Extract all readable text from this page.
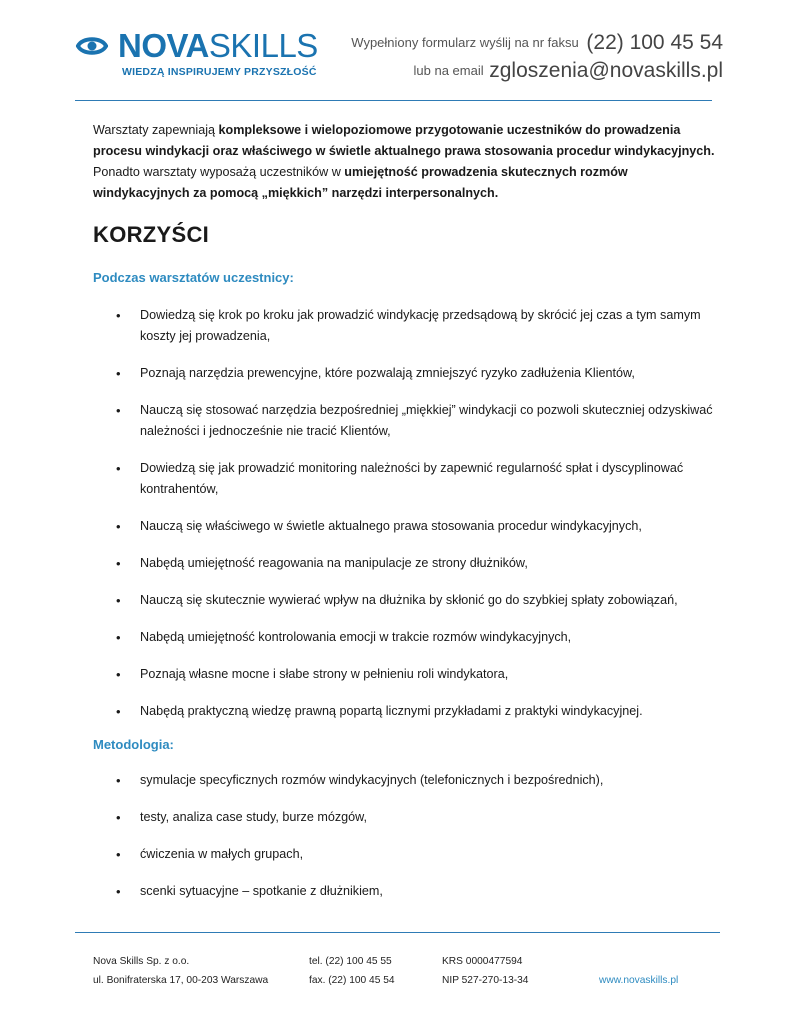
NOVASKILLS
WIEDZĄ INSPIRUJEMY PRZYSZŁOŚĆ
Wypełniony formularz wyślij na nr faksu (22) 100 45 54
lub na email zgloszenia@novaskills.pl
Warsztaty zapewniają kompleksowe i wielopoziomowe przygotowanie uczestników do prowadzenia procesu windykacji oraz właściwego w świetle aktualnego prawa stosowania procedur windykacyjnych. Ponadto warsztaty wyposażą uczestników w umiejętność prowadzenia skutecznych rozmów windykacyjnych za pomocą „miękkich” narzędzi interpersonalnych.
KORZYŚCI
Podczas warsztatów uczestnicy:
• Dowiedzą się krok po kroku jak prowadzić windykację przedsądową by skrócić jej czas a tym samym koszty jej prowadzenia,
• Poznają narzędzia prewencyjne, które pozwalają zmniejszyć ryzyko zadłużenia Klientów,
• Nauczą się stosować narzędzia bezpośredniej „miękkiej” windykacji co pozwoli skuteczniej odzyskiwać należności i jednocześnie nie tracić Klientów,
• Dowiedzą się jak prowadzić monitoring należności by zapewnić regularność spłat i dyscyplinować kontrahentów,
• Nauczą się właściwego w świetle aktualnego prawa stosowania procedur windykacyjnych,
• Nabędą umiejętność reagowania na manipulacje ze strony dłużników,
• Nauczą się skutecznie wywierać wpływ na dłużnika by skłonić go do szybkiej spłaty zobowiązań,
• Nabędą umiejętność kontrolowania emocji w trakcie rozmów windykacyjnych,
• Poznają własne mocne i słabe strony w pełnieniu roli windykatora,
• Nabędą praktyczną wiedzę prawną popartą licznymi przykładami z praktyki windykacyjnej.
Metodologia:
• symulacje specyficznych rozmów windykacyjnych (telefonicznych i bezpośrednich),
• testy, analiza case study, burze mózgów,
• ćwiczenia w małych grupach,
• scenki sytuacyjne – spotkanie z dłużnikiem,
Nova Skills Sp. z o.o.
ul. Bonifraterska 17, 00-203 Warszawa
tel. (22) 100 45 55
fax. (22) 100 45 54
KRS 0000477594
NIP 527-270-13-34	www.novaskills.pl
